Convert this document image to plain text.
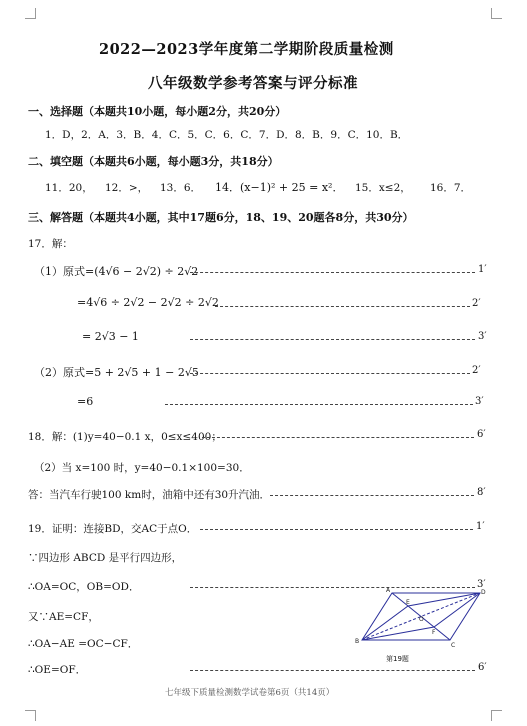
2022—2023学年度第二学期阶段质量检测
八年级数学参考答案与评分标准
一、选择题（本题共10小题，每小题2分，共20分）
1．D，2．A．3．B．4．C．5．C．6．C．7．D．8．B．9．C．10．B．
二、填空题（本题共6小题，每小题3分，共18分）
11．20， 12．>， 13．6． 14．(x−1)² + 25 = x²． 15．x≤2， 16．7．
三、解答题（本题共4小题，其中17题6分，18、19、20题各8分，共30分）
17．解：
（1）原式=(4√6 − 2√2) ÷ 2√2	1′
=4√6 ÷ 2√2 − 2√2 ÷ 2√2	2′
= 2√3 − 1	3′
（2）原式=5 + 2√5 + 1 − 2√5	2′
=6	3′
18．解：(1)y=40−0.1 x，0≤x≤400；	6′
（2）当 x=100 时，y=40−0.1×100=30．
答：当汽车行驶100 km时，油箱中还有30升汽油．	8′
19．证明：连接BD，交AC于点O．	1′
∵四边形 ABCD 是平行四边形，
∴OA=OC，OB=OD．	3′
又∵AE=CF，
∴OA−AE =OC−CF．
∴OE=OF．	6′
A	D
B
C
E
F
O
第19题
七年级下质量检测数学试卷第6页（共14页）
